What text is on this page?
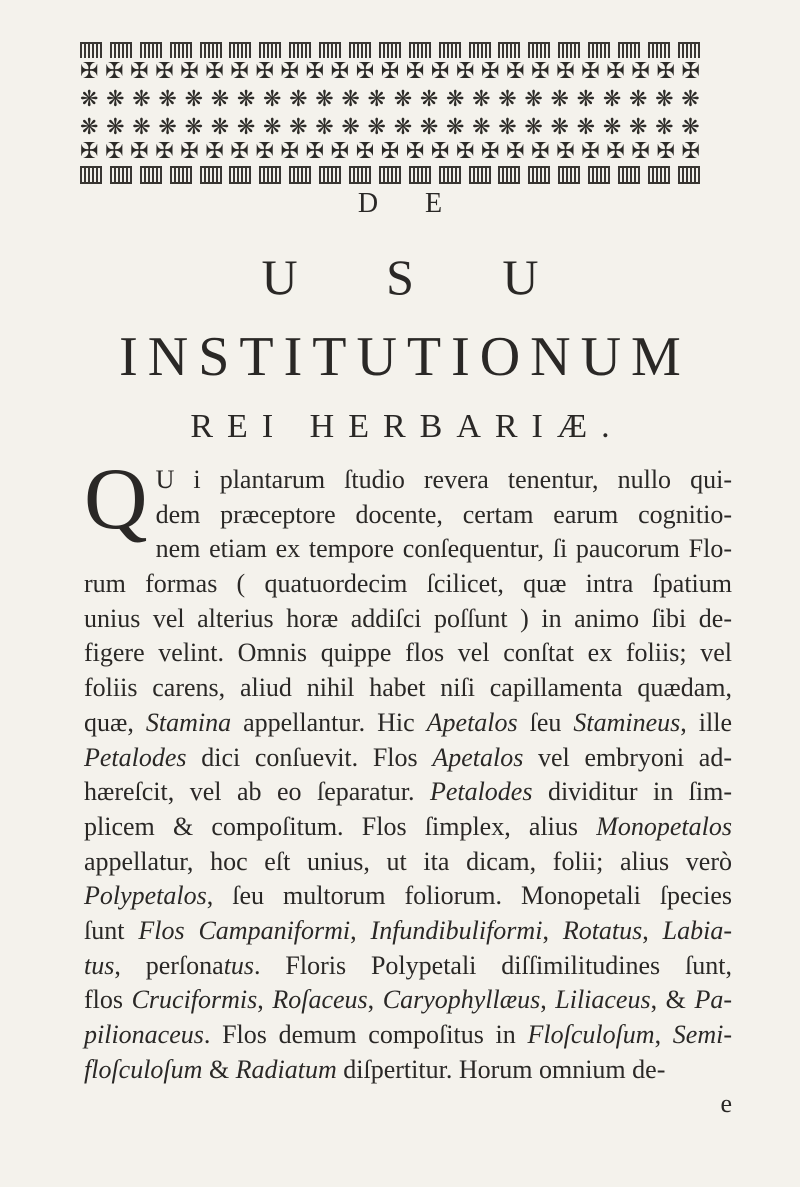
✠ ✠ ✠ ✠ ✠ ✠ ✠ ✠ ✠ ✠ ✠ ✠ ✠ ✠ ✠ ✠ ✠ ✠ ✠ ✠ ✠ ✠ ✠ ✠ ✠
❋ ❋ ❋ ❋ ❋ ❋ ❋ ❋ ❋ ❋ ❋ ❋ ❋ ❋ ❋ ❋ ❋ ❋ ❋ ❋ ❋ ❋ ❋ ❋
❋ ❋ ❋ ❋ ❋ ❋ ❋ ❋ ❋ ❋ ❋ ❋ ❋ ❋ ❋ ❋ ❋ ❋ ❋ ❋ ❋ ❋ ❋ ❋
✠ ✠ ✠ ✠ ✠ ✠ ✠ ✠ ✠ ✠ ✠ ✠ ✠ ✠ ✠ ✠ ✠ ✠ ✠ ✠ ✠ ✠ ✠ ✠ ✠
D E
U S U
INSTITUTIONUM
REI HERBARIÆ.
Q U i plantarum ſtudio revera tenentur, nullo qui-
dem præceptore docente, certam earum cognitio-
nem etiam ex tempore conſequentur, ſi paucorum Flo-
rum formas ( quatuordecim ſcilicet, quæ intra ſpatium
unius vel alterius horæ addiſci poſſunt ) in animo ſibi de-
figere velint. Omnis quippe flos vel conſtat ex foliis; vel
foliis carens, aliud nihil habet niſi capillamenta quædam,
quæ, Stamina appellantur. Hic Apetalos ſeu Stamineus, ille
Petalodes dici conſuevit. Flos Apetalos vel embryoni ad-
hæreſcit, vel ab eo ſeparatur. Petalodes dividitur in ſim-
plicem & compoſitum. Flos ſimplex, alius Monopetalos
appellatur, hoc eſt unius, ut ita dicam, folii; alius verò
Polypetalos, ſeu multorum foliorum. Monopetali ſpecies
ſunt Flos Campaniformi, Infundibuliformi, Rotatus, Labia-
tus, perſonatus. Floris Polypetali diſſimilitudines ſunt,
flos Cruciformis, Roſaceus, Caryophyllæus, Liliaceus, & Pa-
pilionaceus. Flos demum compoſitus in Floſculoſum, Semi-
floſculoſum & Radiatum diſpertitur. Horum omnium de-
e
